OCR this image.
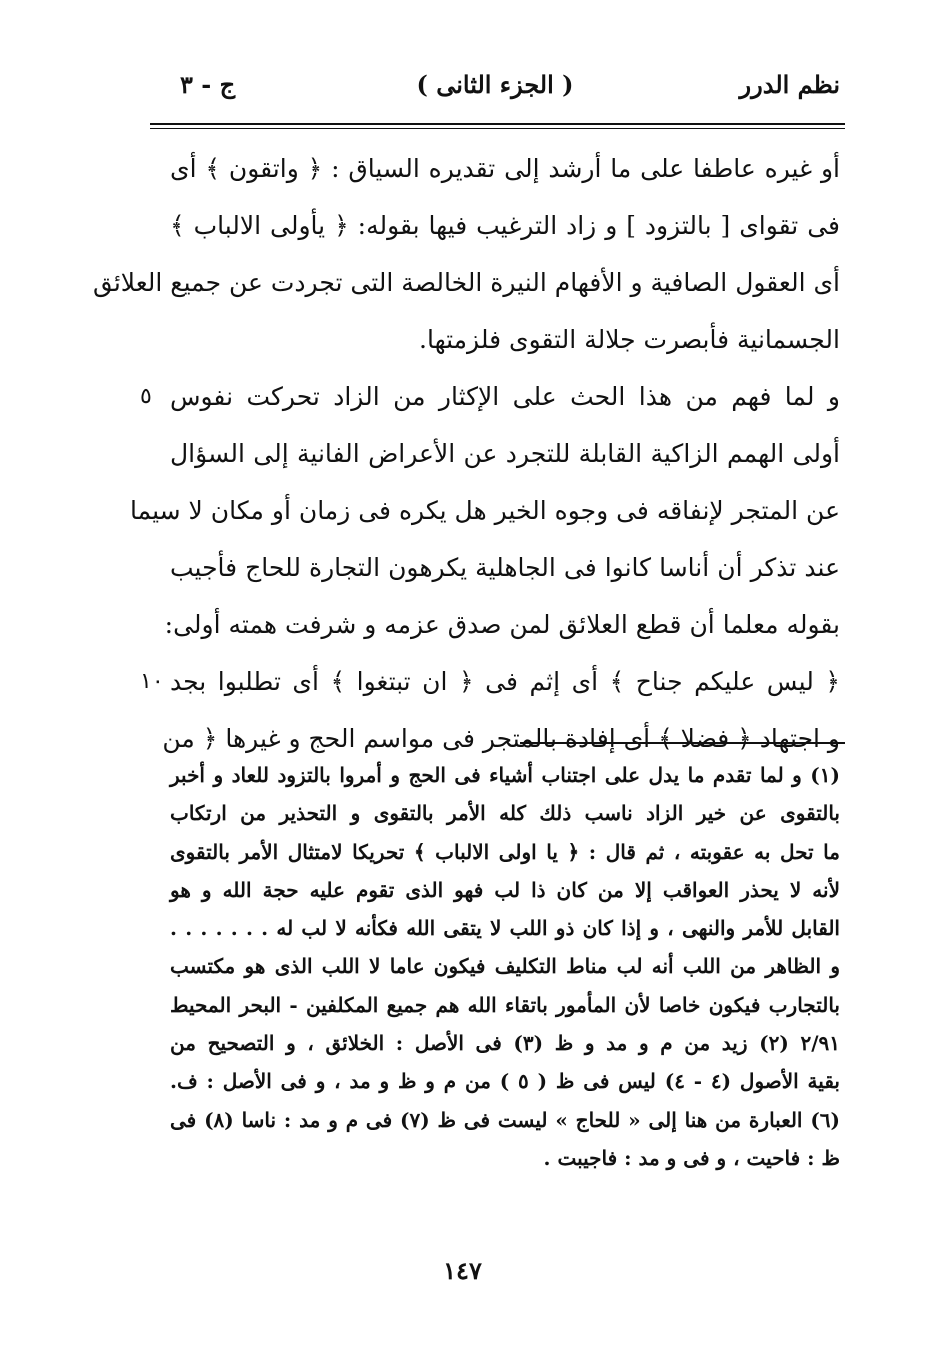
نظم الدرر
( الجزء الثانى )
ج - ٣
أو غيره عاطفا على ما أرشد إلى تقديره السياق : ﴿ واتقون ﴾ أى
فى تقواى [ بالتزود ] و زاد الترغيب فيها بقوله: ﴿ يأولى الالباب ﴾
أى العقول الصافية و الأفهام النيرة الخالصة التى تجردت عن جميع العلائق
الجسمانية فأبصرت جلالة التقوى فلزمتها.
٥ و لما فهم من هذا الحث على الإكثار من الزاد تحركت نفوس
أولى الهمم الزاكية القابلة للتجرد عن الأعراض الفانية إلى السؤال
عن المتجر لإنفاقه فى وجوه الخير هل يكره فى زمان أو مكان لا سيما
عند تذكر أن أناسا كانوا فى الجاهلية يكرهون التجارة للحاج فأجيب
بقوله معلما أن قطع العلائق لمن صدق عزمه و شرفت همته أولى:
١٠ ﴿ ليس عليكم جناح ﴾ أى إثم فى ﴿ ان تبتغوا ﴾ أى تطلبوا بجد
و اجتهاد ﴿ فضلا ﴾ أى إفادة بالمتجر فى مواسم الحج و غيرها ﴿ من
(١) و لما تقدم ما يدل على اجتناب أشياء فى الحج و أمروا بالتزود للعاد و أخبر
بالتقوى عن خير الزاد ناسب ذلك كله الأمر بالتقوى و التحذير من ارتكاب
ما تحل به عقوبته ، ثم قال : ﴿ يا اولى الالباب ﴾ تحريكا لامتثال الأمر بالتقوى
لأنه لا يحذر العواقب إلا من كان ذا لب فهو الذى تقوم عليه حجة الله و هو
القابل للأمر والنهى ، و إذا كان ذو اللب لا يتقى الله فكأنه لا لب له . . . . . . .
و الظاهر من اللب أنه لب مناط التكليف فيكون عاما لا اللب الذى هو مكتسب
بالتجارب فيكون خاصا لأن المأمور باتقاء الله هم جميع المكلفين - البحر المحيط
٢/٩١ (٢) زيد من م و مد و ظ (٣) فى الأصل : الخلائق ، و التصحيح من
بقية الأصول (٤ - ٤) ليس فى ظ ( ٥ ) من م و ظ و مد ، و فى الأصل : ف.
(٦) العبارة من هنا إلى « للحاج » ليست فى ظ (٧) فى م و مد : ناسا (٨) فى
ظ : فاحيت ، و فى و مد : فاجيبت .
١٤٧
